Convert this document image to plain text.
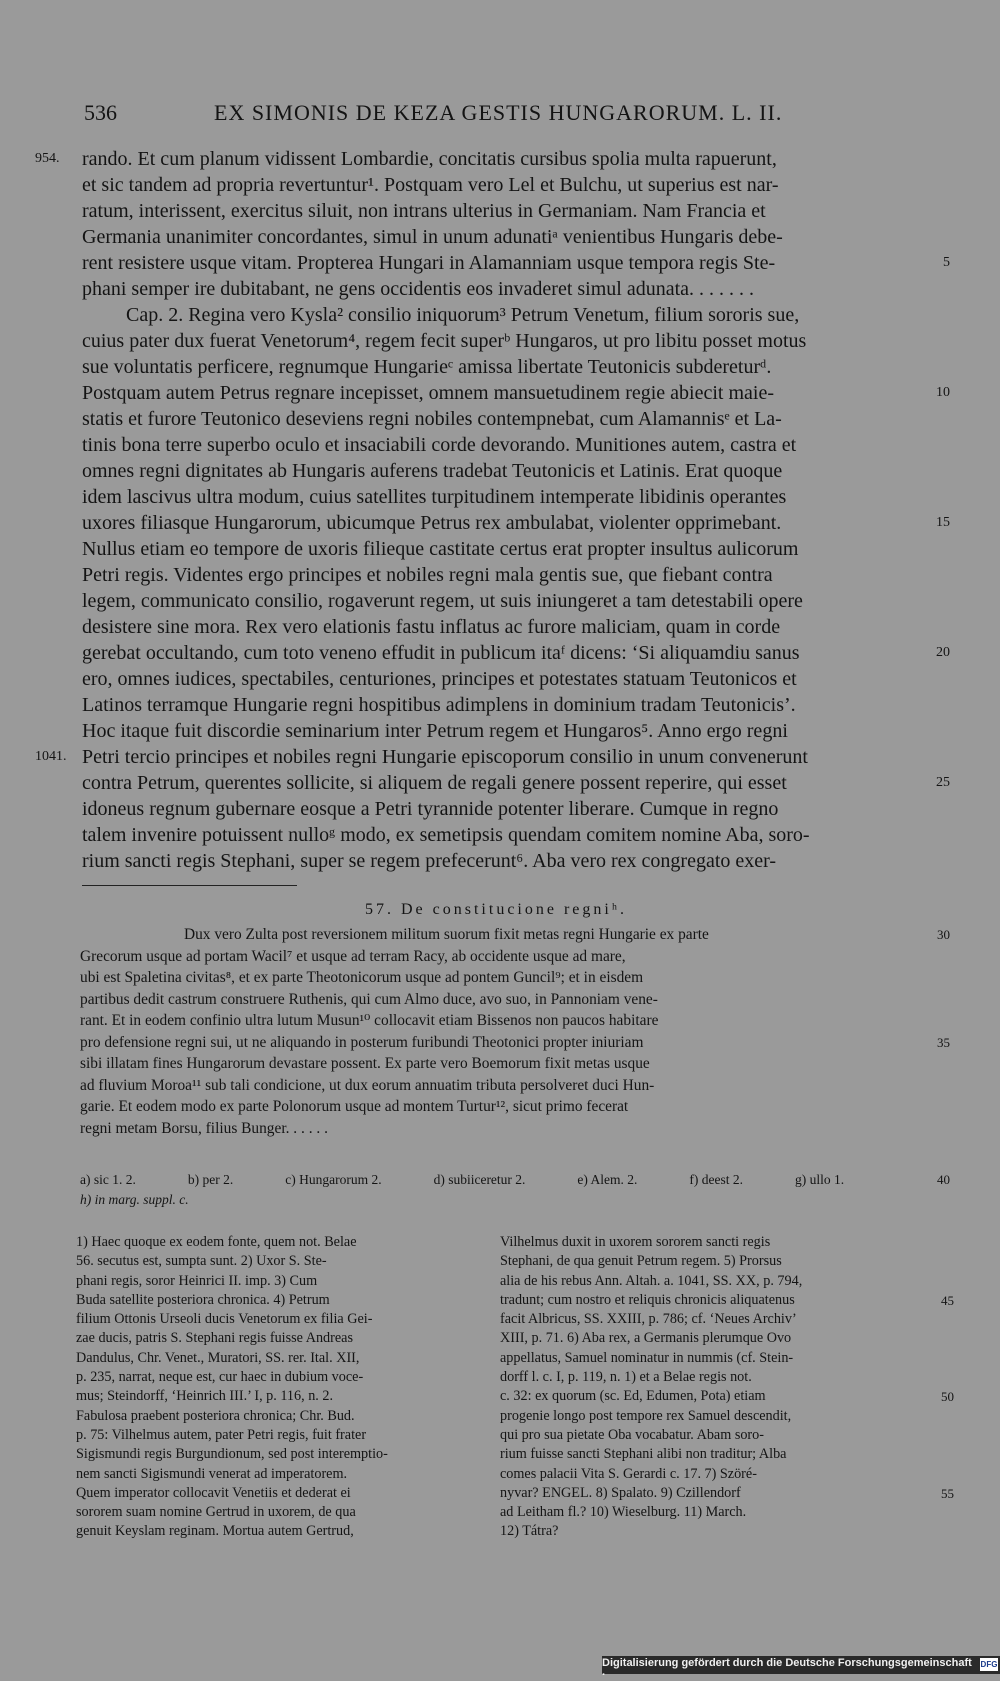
536	EX SIMONIS DE KEZA GESTIS HUNGARORUM. L. II.
rando. Et cum planum vidissent Lombardie, concitatis cursibus spolia multa rapuerunt,
954.
et sic tandem ad propria revertuntur¹. Postquam vero Lel et Bulchu, ut superius est nar-
ratum, interissent, exercitus siluit, non intrans ulterius in Germaniam. Nam Francia et
Germania unanimiter concordantes, simul in unum adunatiᵃ venientibus Hungaris debe-
rent resistere usque vitam. Propterea Hungari in Alamanniam usque tempora regis Ste-	5
phani semper ire dubitabant, ne gens occidentis eos invaderet simul adunata. . . . . . .
Cap. 2. Regina vero Kysla² consilio iniquorum³ Petrum Venetum, filium sororis sue,
cuius pater dux fuerat Venetorum⁴, regem fecit superᵇ Hungaros, ut pro libitu posset motus
sue voluntatis perficere, regnumque Hungarieᶜ amissa libertate Teutonicis subdereturᵈ.
Postquam autem Petrus regnare incepisset, omnem mansuetudinem regie abiecit maie-	10
statis et furore Teutonico deseviens regni nobiles contempnebat, cum Alamannisᵉ et La-
tinis bona terre superbo oculo et insaciabili corde devorando. Munitiones autem, castra et
omnes regni dignitates ab Hungaris auferens tradebat Teutonicis et Latinis. Erat quoque
idem lascivus ultra modum, cuius satellites turpitudinem intemperate libidinis operantes
uxores filiasque Hungarorum, ubicumque Petrus rex ambulabat, violenter opprimebant.	15
Nullus etiam eo tempore de uxoris filieque castitate certus erat propter insultus aulicorum
Petri regis. Videntes ergo principes et nobiles regni mala gentis sue, que fiebant contra
legem, communicato consilio, rogaverunt regem, ut suis iniungeret a tam detestabili opere
desistere sine mora. Rex vero elationis fastu inflatus ac furore maliciam, quam in corde
gerebat occultando, cum toto veneno effudit in publicum itaᶠ dicens: ‘Si aliquamdiu sanus	20
ero, omnes iudices, spectabiles, centuriones, principes et potestates statuam Teutonicos et
Latinos terramque Hungarie regni hospitibus adimplens in dominium tradam Teutonicis’.
Hoc itaque fuit discordie seminarium inter Petrum regem et Hungaros⁵. Anno ergo regni
Petri tercio principes et nobiles regni Hungarie episcoporum consilio in unum convenerunt
1041.
contra Petrum, querentes sollicite, si aliquem de regali genere possent reperire, qui esset	25
idoneus regnum gubernare eosque a Petri tyrannide potenter liberare. Cumque in regno
talem invenire potuissent nulloᵍ modo, ex semetipsis quendam comitem nomine Aba, soro-
rium sancti regis Stephani, super se regem prefecerunt⁶. Aba vero rex congregato exer-
57. De constitucione regniʰ.
Dux vero Zulta post reversionem militum suorum fixit metas regni Hungarie ex parte	30
Grecorum usque ad portam Wacil⁷ et usque ad terram Racy, ab occidente usque ad mare,
ubi est Spaletina civitas⁸, et ex parte Theotonicorum usque ad pontem Guncil⁹; et in eisdem
partibus dedit castrum construere Ruthenis, qui cum Almo duce, avo suo, in Pannoniam vene-
rant. Et in eodem confinio ultra lutum Musun¹⁰ collocavit etiam Bissenos non paucos habitare
pro defensione regni sui, ut ne aliquando in posterum furibundi Theotonici propter iniuriam	35
sibi illatam fines Hungarorum devastare possent. Ex parte vero Boemorum fixit metas usque
ad fluvium Moroa¹¹ sub tali condicione, ut dux eorum annuatim tributa persolveret duci Hun-
garie. Et eodem modo ex parte Polonorum usque ad montem Turtur¹², sicut primo fecerat
regni metam Borsu, filius Bunger. . . . . .
a) sic 1. 2.	b) per 2.	c) Hungarorum 2.	d) subiiceretur 2.	e) Alem. 2.	f) deest 2.	g) ullo 1.	40
h) in marg. suppl. c.
1) Haec quoque ex eodem fonte, quem not. Belae
56. secutus est, sumpta sunt. 2) Uxor S. Ste-
phani regis, soror Heinrici II. imp. 3) Cum
Buda satellite posteriora chronica. 4) Petrum
filium Ottonis Urseoli ducis Venetorum ex filia Gei-
zae ducis, patris S. Stephani regis fuisse Andreas
Dandulus, Chr. Venet., Muratori, SS. rer. Ital. XII,
p. 235, narrat, neque est, cur haec in dubium voce-
mus; Steindorff, ‘Heinrich III.’ I, p. 116, n. 2.
Fabulosa praebent posteriora chronica; Chr. Bud.
p. 75: Vilhelmus autem, pater Petri regis, fuit frater
Sigismundi regis Burgundionum, sed post interemptio-
nem sancti Sigismundi venerat ad imperatorem.
Quem imperator collocavit Venetiis et dederat ei
sororem suam nomine Gertrud in uxorem, de qua
genuit Keyslam reginam. Mortua autem Gertrud,
Vilhelmus duxit in uxorem sororem sancti regis
Stephani, de qua genuit Petrum regem. 5) Prorsus
alia de his rebus Ann. Altah. a. 1041, SS. XX, p. 794,
tradunt; cum nostro et reliquis chronicis aliquatenus	45
facit Albricus, SS. XXIII, p. 786; cf. ‘Neues Archiv’
XIII, p. 71. 6) Aba rex, a Germanis plerumque Ovo
appellatus, Samuel nominatur in nummis (cf. Stein-
dorff l. c. I, p. 119, n. 1) et a Belae regis not.
c. 32: ex quorum (sc. Ed, Edumen, Pota) etiam	50
progenie longo post tempore rex Samuel descendit,
qui pro sua pietate Oba vocabatur. Abam soro-
rium fuisse sancti Stephani alibi non traditur; Alba
comes palacii Vita S. Gerardi c. 17. 7) Szöré-
nyvar? ENGEL. 8) Spalato. 9) Czillendorf	55
ad Leitham fl.? 10) Wieselburg. 11) March.
12) Tátra?
Digitalisierung gefördert durch die Deutsche Forschungsgemeinschaft ·
DFG
